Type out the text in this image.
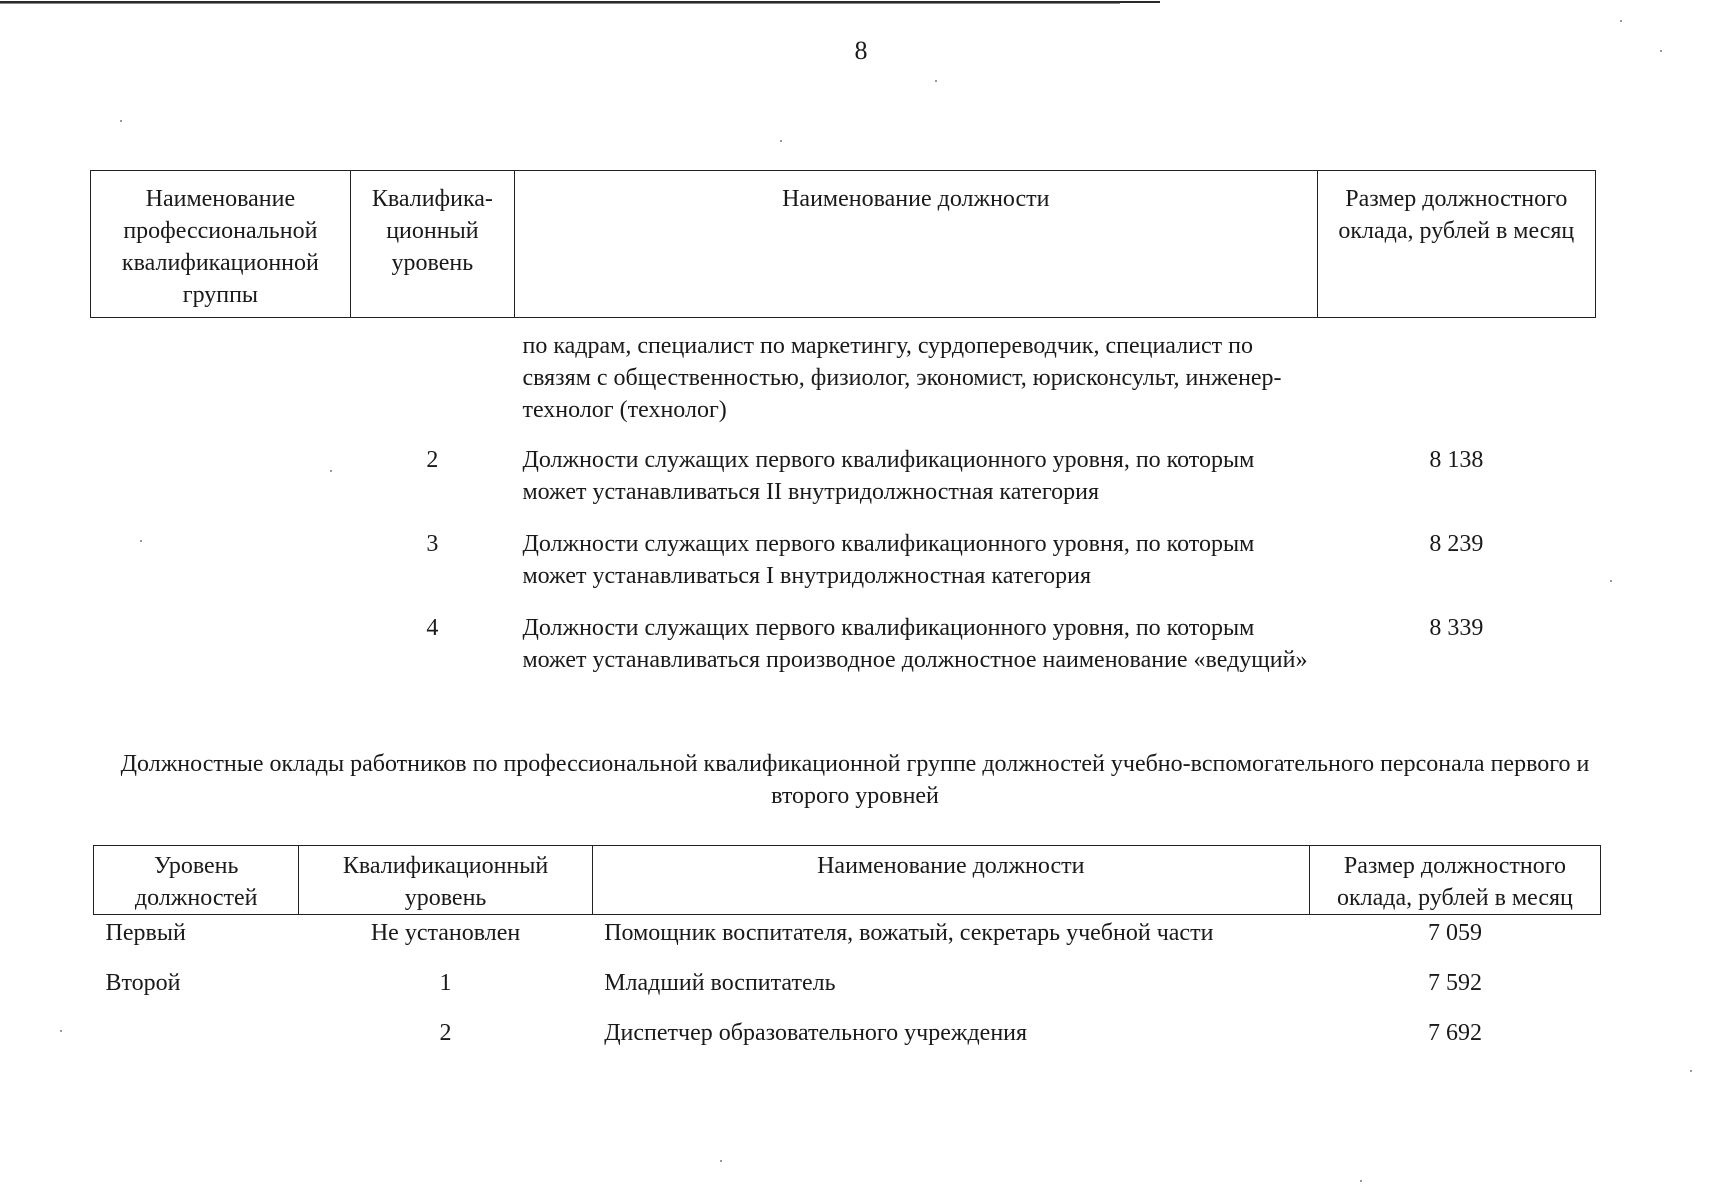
8
Наименование профессиональной квалификационной группы	Квалифика-ционный уровень	Наименование должности	Размер должностного оклада, рублей в месяц
		по кадрам, специалист по маркетингу, сурдопереводчик, специалист по связям с общественностью, физиолог, экономист, юрисконсульт, инженер-технолог (технолог)	
	2	Должности служащих первого квалификационного уровня, по которым может устанавливаться II внутридолжностная категория	8 138
	3	Должности служащих первого квалификационного уровня, по которым может устанавливаться I внутридолжностная категория	8 239
	4	Должности служащих первого квалификационного уровня, по которым может устанавливаться производное должностное наименование «ведущий»	8 339
Должностные оклады работников по профессиональной квалификационной группе должностей учебно-вспомогательного персонала первого и второго уровней
Уровень должностей	Квалификационный уровень	Наименование должности	Размер должностного оклада, рублей в месяц
Первый	Не установлен	Помощник воспитателя, вожатый, секретарь учебной части	7 059
Второй	1	Младший воспитатель	7 592
	2	Диспетчер образовательного учреждения	7 692
